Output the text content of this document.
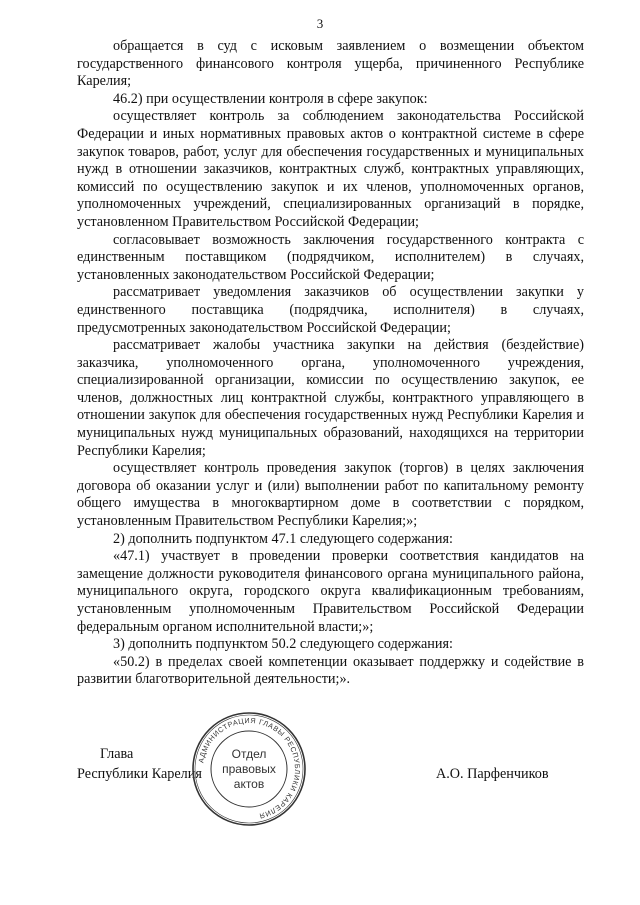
3

обращается в суд с исковым заявлением о возмещении объектом государственного финансового контроля ущерба, причиненного Республике Карелия;

46.2) при осуществлении контроля в сфере закупок:

осуществляет контроль за соблюдением законодательства Российской Федерации и иных нормативных правовых актов о контрактной системе в сфере закупок товаров, работ, услуг для обеспечения государственных и муниципальных нужд в отношении заказчиков, контрактных служб, контрактных управляющих, комиссий по осуществлению закупок и их членов, уполномоченных органов, уполномоченных учреждений, специализированных организаций в порядке, установленном Правительством Российской Федерации;

согласовывает возможность заключения государственного контракта с единственным поставщиком (подрядчиком, исполнителем) в случаях, установленных законодательством Российской Федерации;

рассматривает уведомления заказчиков об осуществлении закупки у единственного поставщика (подрядчика, исполнителя) в случаях, предусмотренных законодательством Российской Федерации;

рассматривает жалобы участника закупки на действия (бездействие) заказчика, уполномоченного органа, уполномоченного учреждения, специализированной организации, комиссии по осуществлению закупок, ее членов, должностных лиц контрактной службы, контрактного управляющего в отношении закупок для обеспечения государственных нужд Республики Карелия и муниципальных нужд муниципальных образований, находящихся на территории Республики Карелия;

осуществляет контроль проведения закупок (торгов) в целях заключения договора об оказании услуг и (или) выполнении работ по капитальному ремонту общего имущества в многоквартирном доме в соответствии с порядком, установленным Правительством Республики Карелия;»;

2) дополнить подпунктом 47.1 следующего содержания:

«47.1) участвует в проведении проверки соответствия кандидатов на замещение должности руководителя финансового органа муниципального района, муниципального округа, городского округа квалификационным требованиям, установленным уполномоченным Правительством Российской Федерации федеральным органом исполнительной власти;»;

3) дополнить подпунктом 50.2 следующего содержания:

«50.2) в пределах своей компетенции оказывает поддержку и содействие в развитии благотворительной деятельности;».

Глава
Республики Карелия	А.О. Парфенчиков
АДМИНИСТРАЦИЯ ГЛАВЫ РЕСПУБЛИКИ КАРЕЛИЯ
Отдел
правовых
актов
